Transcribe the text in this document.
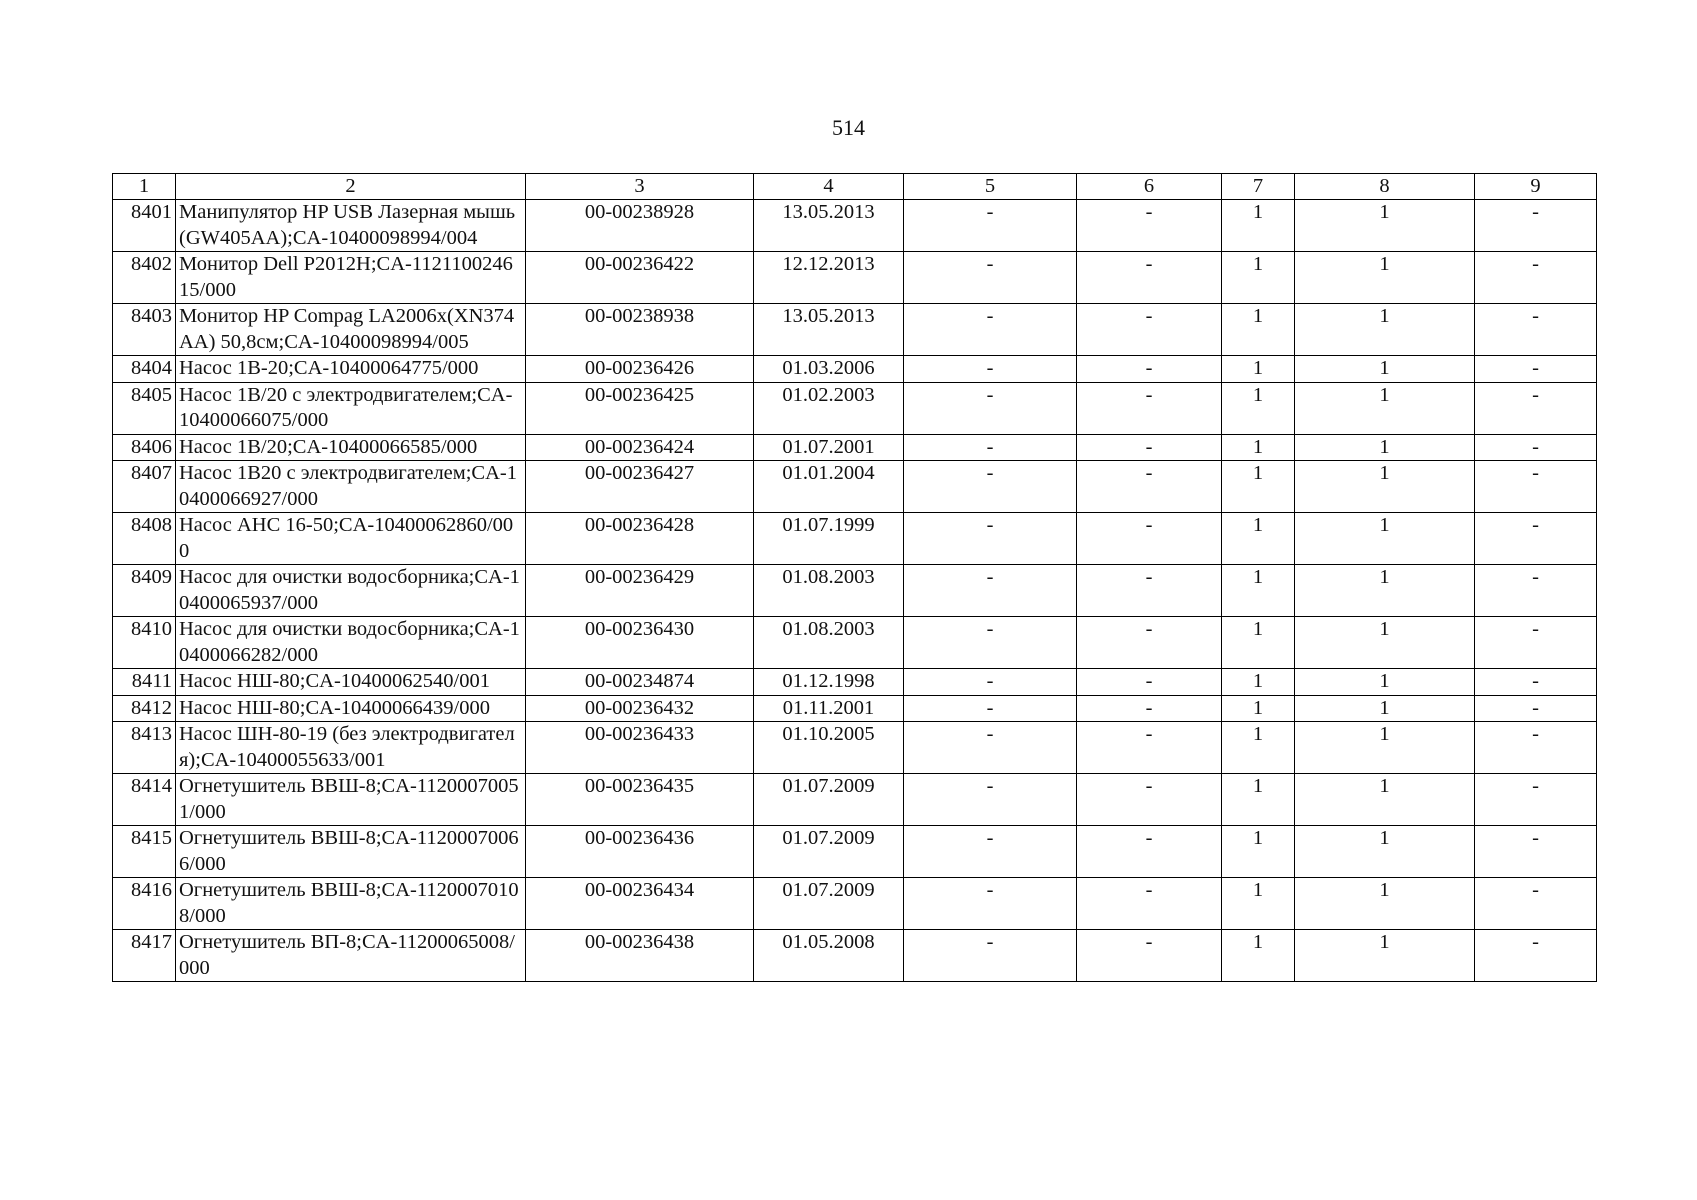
514
1	2	3	4	5	6	7	8	9
8401	Манипулятор HP USB Лазерная мышь (GW405AA);CA-10400098994/004	00-00238928	13.05.2013	-	-	1	1	-
8402	Монитор Dell P2012H;CA-112110024615/000	00-00236422	12.12.2013	-	-	1	1	-
8403	Монитор HP Compag LA2006x(XN374AA) 50,8см;CA-10400098994/005	00-00238938	13.05.2013	-	-	1	1	-
8404	Насос 1В-20;CA-10400064775/000	00-00236426	01.03.2006	-	-	1	1	-
8405	Насос 1В/20 с электродвигателем;CA-10400066075/000	00-00236425	01.02.2003	-	-	1	1	-
8406	Насос 1В/20;CA-10400066585/000	00-00236424	01.07.2001	-	-	1	1	-
8407	Насос 1В20 с электродвигателем;CA-10400066927/000	00-00236427	01.01.2004	-	-	1	1	-
8408	Насос АНС 16-50;CA-10400062860/000	00-00236428	01.07.1999	-	-	1	1	-
8409	Насос для очистки водосборника;CA-10400065937/000	00-00236429	01.08.2003	-	-	1	1	-
8410	Насос для очистки водосборника;CA-10400066282/000	00-00236430	01.08.2003	-	-	1	1	-
8411	Насос НШ-80;CA-10400062540/001	00-00234874	01.12.1998	-	-	1	1	-
8412	Насос НШ-80;CA-10400066439/000	00-00236432	01.11.2001	-	-	1	1	-
8413	Насос ШН-80-19 (без электродвигателя);CA-10400055633/001	00-00236433	01.10.2005	-	-	1	1	-
8414	Огнетушитель ВВШ-8;CA-11200070051/000	00-00236435	01.07.2009	-	-	1	1	-
8415	Огнетушитель ВВШ-8;CA-11200070066/000	00-00236436	01.07.2009	-	-	1	1	-
8416	Огнетушитель ВВШ-8;CA-11200070108/000	00-00236434	01.07.2009	-	-	1	1	-
8417	Огнетушитель ВП-8;CA-11200065008/000	00-00236438	01.05.2008	-	-	1	1	-
